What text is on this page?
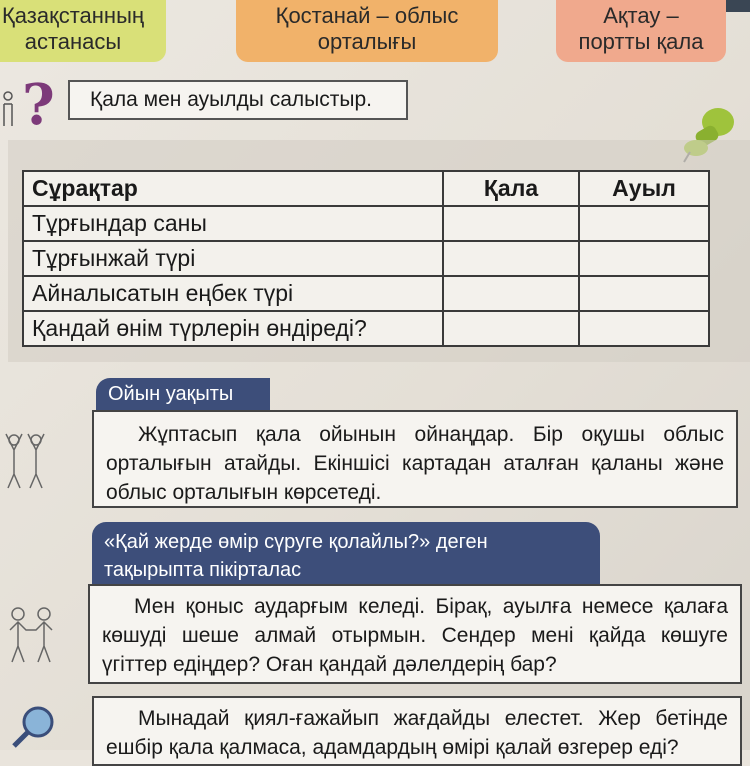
Қазақстанның
астанасы
Қостанай – облыс
орталығы
Ақтау –
портты қала
?	Қала мен ауылды салыстыр.
Сұрақтар	Қала	Ауыл
Тұрғындар саны		
Тұрғынжай түрі		
Айналысатын еңбек түрі		
Қандай өнім түрлерін өндіреді?		
Ойын уақыты
Жұптасып қала ойынын ойнаңдар. Бір оқушы облыс орталығын атайды. Екіншісі картадан аталған қаланы және облыс орталығын көрсетеді.
«Қай жерде өмір сүруге қолайлы?» деген тақырыпта пікірталас
Мен қоныс аударғым келеді. Бірақ, ауылға немесе қалаға көшуді шеше алмай отырмын. Сендер мені қайда көшуге үгіттер едіңдер? Оған қандай дәлелдерің бар?
Мынадай қиял-ғажайып жағдайды елестет. Жер бетінде ешбір қала қалмаса, адамдардың өмірі қалай өзгерер еді?
